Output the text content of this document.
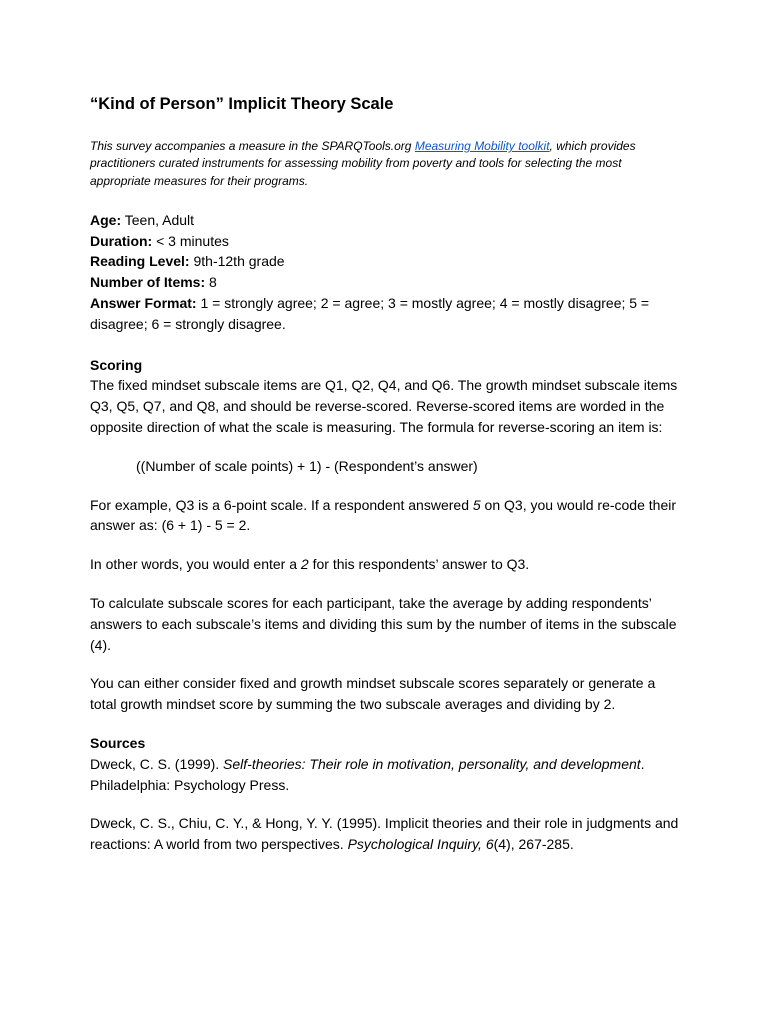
“Kind of Person” Implicit Theory Scale

This survey accompanies a measure in the SPARQTools.org Measuring Mobility toolkit, which provides practitioners curated instruments for assessing mobility from poverty and tools for selecting the most appropriate measures for their programs.

Age: Teen, Adult
Duration: < 3 minutes
Reading Level: 9th-12th grade
Number of Items: 8
Answer Format: 1 = strongly agree; 2 = agree; 3 = mostly agree; 4 = mostly disagree; 5 = disagree; 6 = strongly disagree.

Scoring
The fixed mindset subscale items are Q1, Q2, Q4, and Q6. The growth mindset subscale items Q3, Q5, Q7, and Q8, and should be reverse-scored. Reverse-scored items are worded in the opposite direction of what the scale is measuring. The formula for reverse-scoring an item is:

((Number of scale points) + 1) - (Respondent’s answer)

For example, Q3 is a 6-point scale. If a respondent answered 5 on Q3, you would re-code their answer as: (6 + 1) - 5 = 2.

In other words, you would enter a 2 for this respondents’ answer to Q3.

To calculate subscale scores for each participant, take the average by adding respondents’ answers to each subscale’s items and dividing this sum by the number of items in the subscale (4).

You can either consider fixed and growth mindset subscale scores separately or generate a total growth mindset score by summing the two subscale averages and dividing by 2.

Sources
Dweck, C. S. (1999). Self-theories: Their role in motivation, personality, and development. Philadelphia: Psychology Press.

Dweck, C. S., Chiu, C. Y., & Hong, Y. Y. (1995). Implicit theories and their role in judgments and reactions: A world from two perspectives. Psychological Inquiry, 6(4), 267-285.
